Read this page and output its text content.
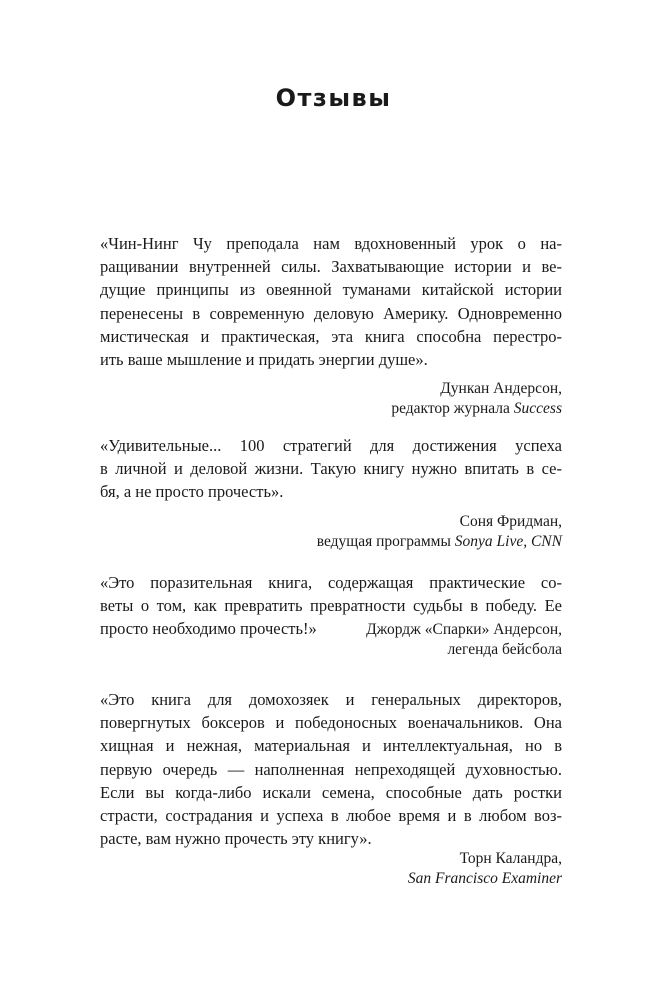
Отзывы

«Чин-Нинг Чу преподала нам вдохновенный урок о на-
ращивании внутренней силы. Захватывающие истории и ве-
дущие принципы из овеянной туманами китайской истории
перенесены в современную деловую Америку. Одновременно
мистическая и практическая, эта книга способна перестро-
ить ваше мышление и придать энергии душе».

Дункан Андерсон,
редактор журнала Success

«Удивительные... 100 стратегий для достижения успеха
в личной и деловой жизни. Такую книгу нужно впитать в се-
бя, а не просто прочесть».

Соня Фридман,
ведущая программы Sonya Live, CNN

«Это поразительная книга, содержащая практические со-
веты о том, как превратить превратности судьбы в победу. Ее
просто необходимо прочесть!»	Джордж «Спарки» Андерсон,
легенда бейсбола

«Это книга для домохозяек и генеральных директоров,
повергнутых боксеров и победоносных военачальников. Она
хищная и нежная, материальная и интеллектуальная, но в
первую очередь — наполненная непреходящей духовностью.
Если вы когда-либо искали семена, способные дать ростки
страсти, сострадания и успеха в любое время и в любом воз-
расте, вам нужно прочесть эту книгу».

Торн Каландра,
San Francisco Examiner
